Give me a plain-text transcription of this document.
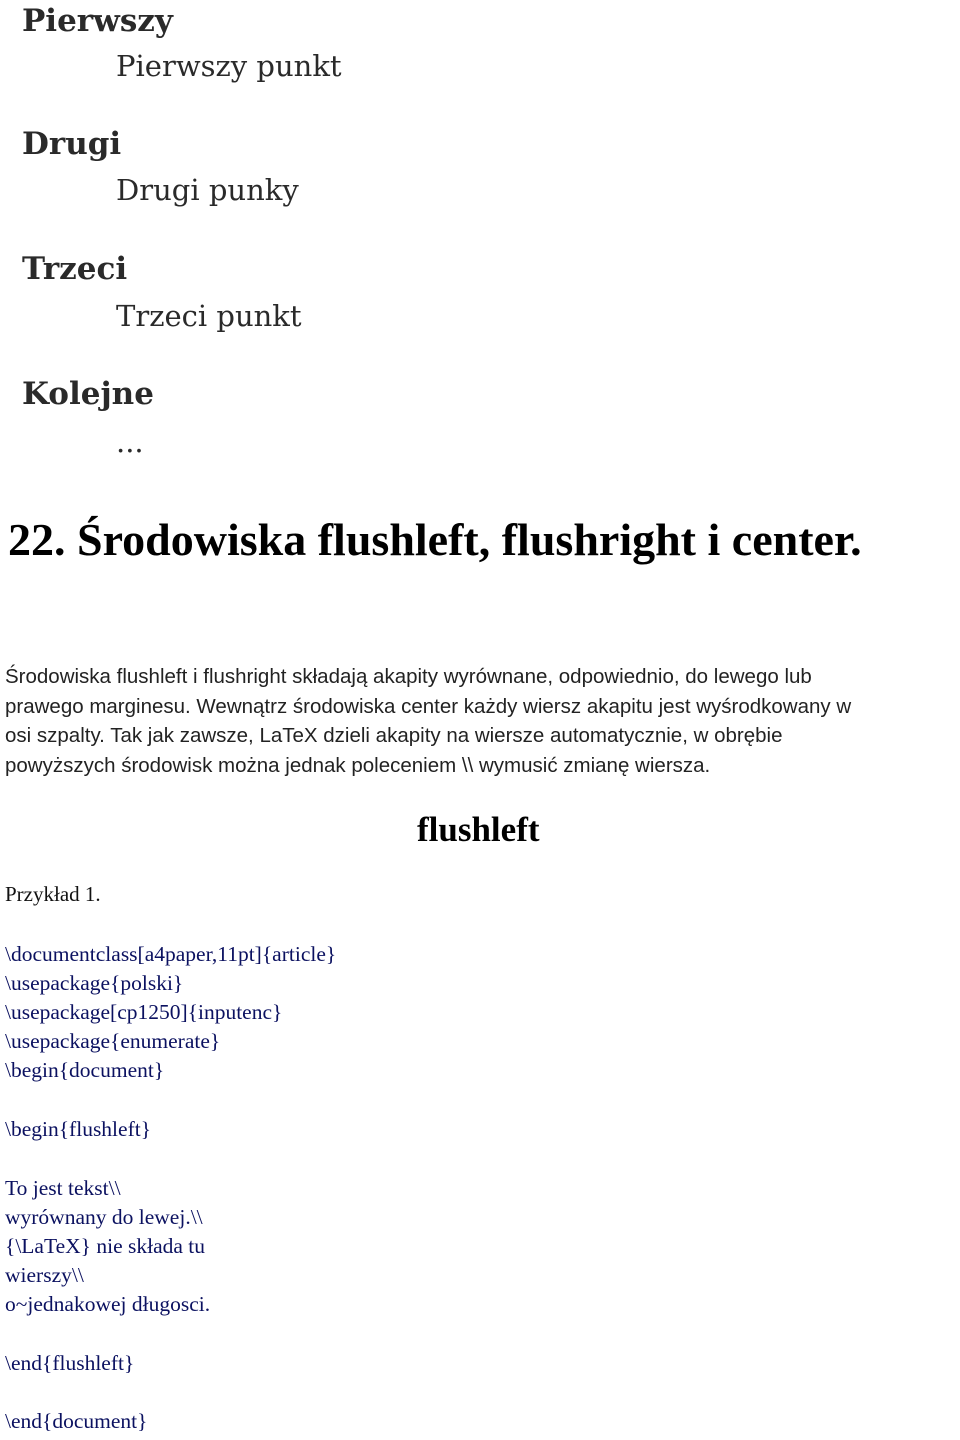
Pierwszy
Pierwszy punkt
Drugi
Drugi punky
Trzeci
Trzeci punkt
Kolejne
...
22. Środowiska flushleft, flushright i center.
Środowiska flushleft i flushright składają akapity wyrównane, odpowiednio, do lewego lub
prawego marginesu. Wewnątrz środowiska center każdy wiersz akapitu jest wyśrodkowany w
osi szpalty. Tak jak zawsze, LaTeX dzieli akapity na wiersze automatycznie, w obrębie
powyższych środowisk można jednak poleceniem \\ wymusić zmianę wiersza.
flushleft
Przykład 1.
\documentclass[a4paper,11pt]{article}
\usepackage{polski}
\usepackage[cp1250]{inputenc}
\usepackage{enumerate}
\begin{document}
\begin{flushleft}
To jest tekst\\
wyrównany do lewej.\\
{\LaTeX} nie składa tu
wierszy\\
o~jednakowej długosci.
\end{flushleft}
\end{document}
